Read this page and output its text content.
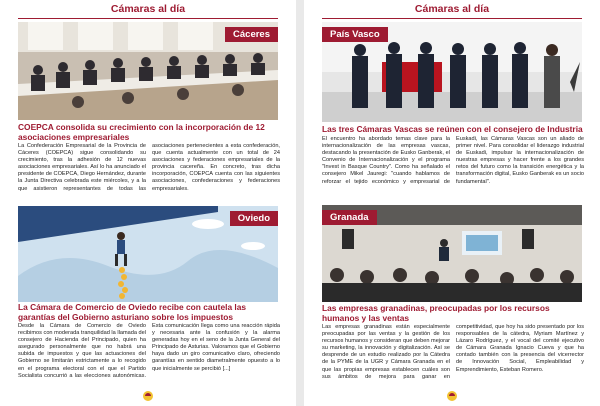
Cámaras al día
Cáceres
COEPCA consolida su crecimiento con la incorporación de 12 asociaciones empresariales
La Confederación Empresarial de la Provincia de Cáceres (COEPCA) sigue consolidando su crecimiento, tras la adhesión de 12 nuevas asociaciones empresariales. Así lo ha anunciado el presidente de COEPCA, Diego Hernández, durante la Junta Directiva celebrada este miércoles, y a la que asistieron representantes de todas las asociaciones pertenecientes a esta confederación, que cuenta actualmente con un total de 24 asociaciones y federaciones empresariales de la provincia cacereña. En concreto, tras dicha incorporación, COEPCA cuenta con las siguientes asociaciones, confederaciones y federaciones empresariales.
Oviedo
La Cámara de Comercio de Oviedo recibe con cautela las garantías del Gobierno asturiano sobre los impuestos
Desde la Cámara de Comercio de Oviedo recibimos con moderada tranquilidad la llamada del consejero de Hacienda del Principado, quien ha asegurado personalmente que no habrá una subida de impuestos y que las actuaciones del Gobierno se limitarán estrictamente a lo recogido en el programa electoral con el que el Partido Socialista concurrió a las elecciones autonómicas. Esta comunicación llega como una reacción rápida y necesaria ante la confusión y la alarma generadas hoy en el seno de la Junta General del Principado de Asturias. Valoramos que el Gobierno haya dado un giro comunicativo claro, ofreciendo garantías en sentido diametralmente opuesto a lo que inicialmente se percibió [...]
Cámaras al día
País Vasco
Las tres Cámaras Vascas se reúnen con el consejero de Industria
El encuentro ha abordado temas clave para la internacionalización de las empresas vascas, destacando la presentación de Eusko Ganberak, el Convenio de Internacionalización y el programa "Invest in Basque Country". Como ha señalado el consejero Mikel Jauregi: "cuando hablamos de reforzar el tejido económico y empresarial de Euskadi, las Cámaras Vascas son un aliado de primer nivel. Para consolidar el liderazgo industrial de Euskadi, impulsar la internacionalización de nuestras empresas y hacer frente a los grandes retos del futuro como la transición energética y la transformación digital, Eusko Ganberak es un socio fundamental".
Granada
Las empresas granadinas, preocupadas por los recursos humanos y las ventas
Las empresas granadinas están especialmente preocupadas por las ventas y la gestión de los recursos humanos y consideran que deben mejorar su marketing, la innovación y digitalización. Así se desprende de un estudio realizado por la Cátedra de la PYME de la UGR y Cámara Granada en el que las propias empresas establecen cuáles son sus ámbitos de mejora para ganar en competitividad, que hoy ha sido presentado por los responsables de la cátedra, Myriam Martínez y Lázaro Rodríguez, y el vocal del comité ejecutivo de Cámara Granada Ignacio Cueva y que ha contado también con la presencia del vicerrector de Innovación Social, Empleabilidad y Emprendimiento, Esteban Romero.
